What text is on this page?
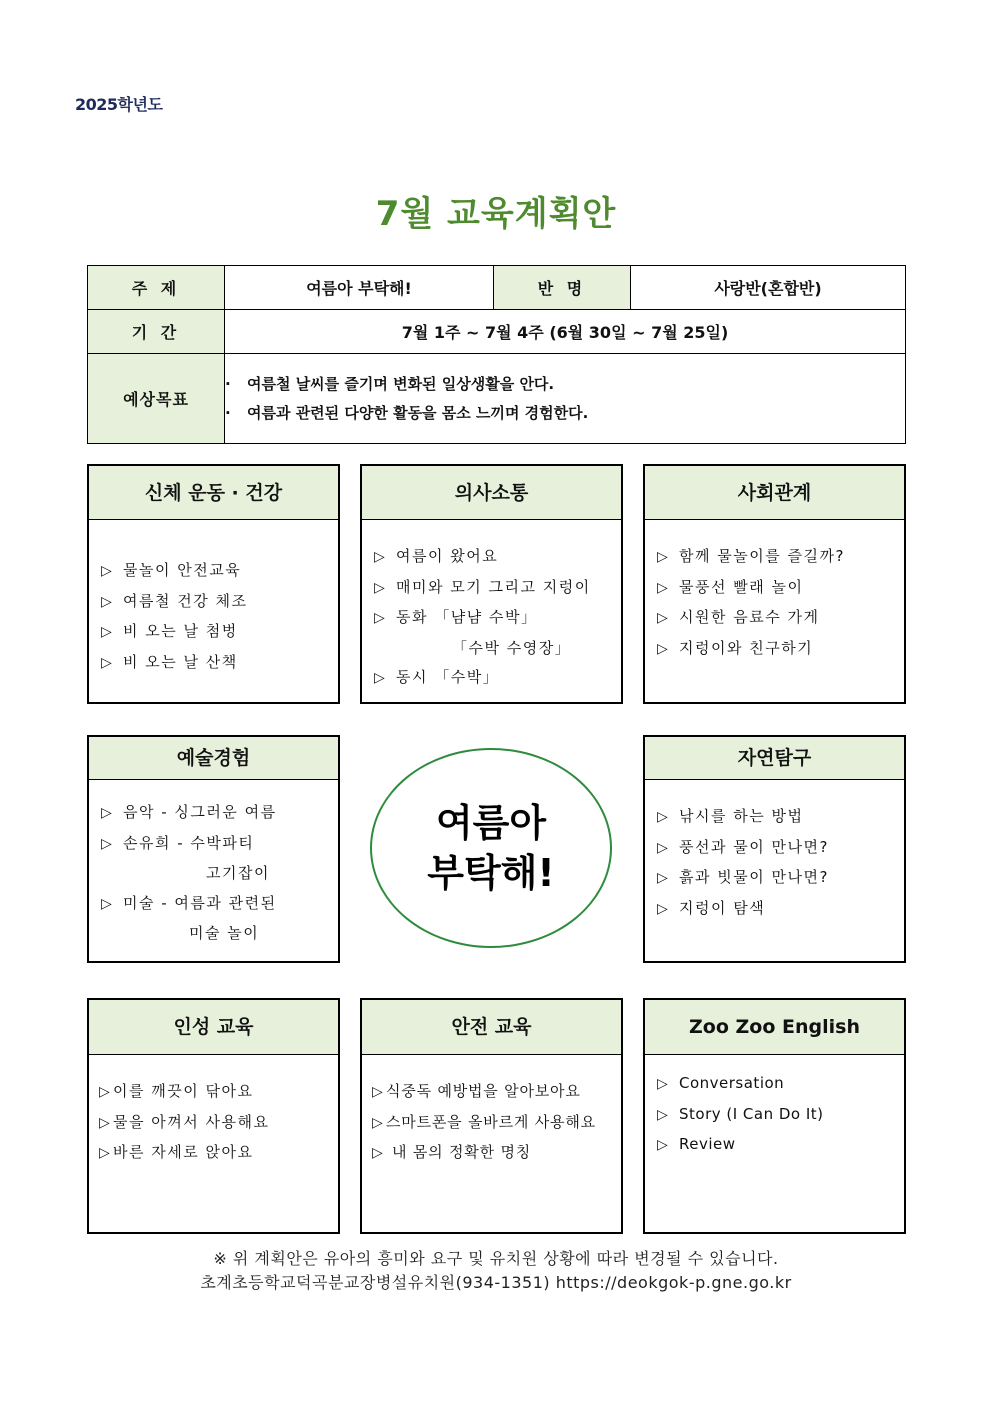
2025학년도
7월 교육계획안
주 제	여름아 부탁해!	반 명	사랑반(혼합반)
기 간	7월 1주 ~ 7월 4주 (6월 30일 ~ 7월 25일)		
예상목표	· 여름철 날씨를 즐기며 변화된 일상생활을 안다.
· 여름과 관련된 다양한 활동을 몸소 느끼며 경험한다.
신체 운동 · 건강
▷ 물놀이 안전교육
▷ 여름철 건강 체조
▷ 비 오는 날 첨벙
▷ 비 오는 날 산책
의사소통
▷ 여름이 왔어요
▷ 매미와 모기 그리고 지렁이
▷ 동화 「냠냠 수박」
「수박 수영장」
▷ 동시 「수박」
사회관계
▷ 함께 물놀이를 즐길까?
▷ 물풍선 빨래 놀이
▷ 시원한 음료수 가게
▷ 지렁이와 친구하기
예술경험
▷ 음악 - 싱그러운 여름
▷ 손유희 - 수박파티
고기잡이
▷ 미술 - 여름과 관련된
미술 놀이
여름아
부탁해!
자연탐구
▷ 낚시를 하는 방법
▷ 풍선과 물이 만나면?
▷ 흙과 빗물이 만나면?
▷ 지렁이 탐색
인성 교육
▷ 이를 깨끗이 닦아요
▷ 물을 아껴서 사용해요
▷ 바른 자세로 앉아요
안전 교육
▷ 식중독 예방법을 알아보아요
▷ 스마트폰을 올바르게 사용해요
▷ 내 몸의 정확한 명칭
Zoo Zoo English
▷ Conversation
▷ Story (I Can Do It)
▷ Review
※ 위 계획안은 유아의 흥미와 요구 및 유치원 상황에 따라 변경될 수 있습니다.
초계초등학교덕곡분교장병설유치원(934-1351) https://deokgok-p.gne.go.kr
